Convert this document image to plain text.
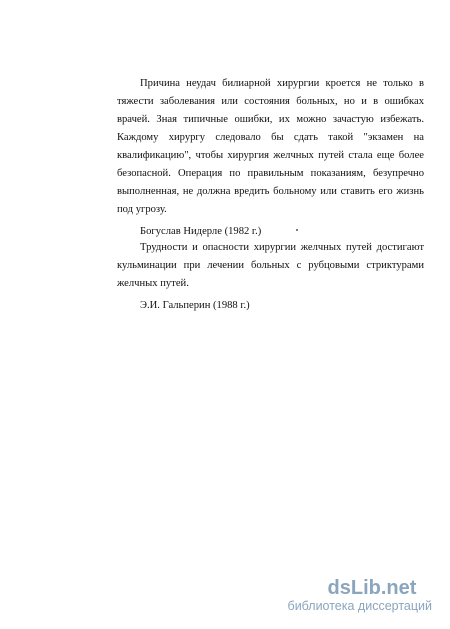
Причина неудач билиарной хирургии кроется не только в тяжести заболевания или состояния больных, но и в ошибках врачей. Зная типичные ошибки, их можно зачастую избежать. Каждому хирургу следовало бы сдать такой "экзамен на квалификацию", чтобы хирургия желчных путей стала еще более безопасной. Операция по правильным показаниям, безупречно выполненная, не должна вредить больному или ставить его жизнь под угрозу.

Богуслав Нидерле (1982 г.)

Трудности и опасности хирургии желчных путей достигают кульминации при лечении больных с рубцовыми стриктурами желчных путей.

Э.И. Гальперин (1988 г.)

dsLib.net
библиотека диссертаций
